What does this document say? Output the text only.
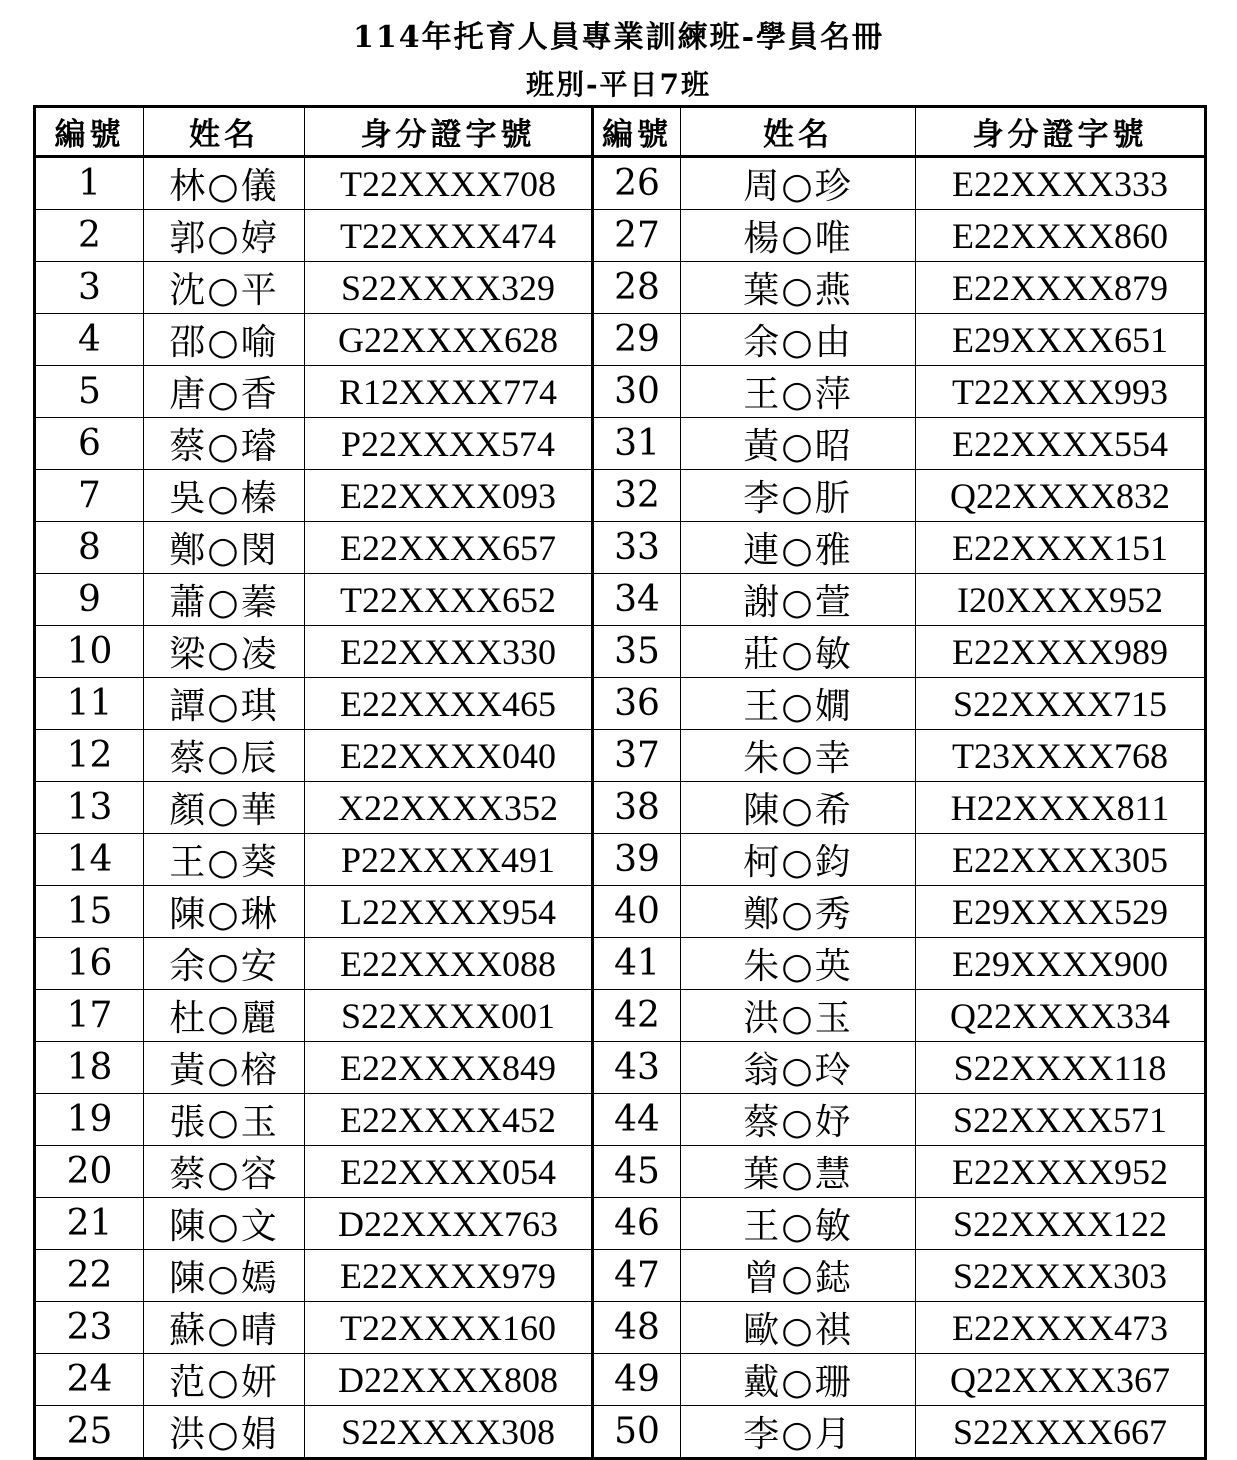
114年托育人員專業訓練班-學員名冊
班別-平日7班
編號	姓名	身分證字號	編號	姓名	身分證字號
1	林○儀	T22XXXX708	26	周○珍	E22XXXX333
2	郭○婷	T22XXXX474	27	楊○唯	E22XXXX860
3	沈○平	S22XXXX329	28	葉○燕	E22XXXX879
4	邵○喻	G22XXXX628	29	余○由	E29XXXX651
5	唐○香	R12XXXX774	30	王○萍	T22XXXX993
6	蔡○璿	P22XXXX574	31	黃○昭	E22XXXX554
7	吳○榛	E22XXXX093	32	李○肵	Q22XXXX832
8	鄭○閔	E22XXXX657	33	連○雅	E22XXXX151
9	蕭○蓁	T22XXXX652	34	謝○萱	I20XXXX952
10	梁○凌	E22XXXX330	35	莊○敏	E22XXXX989
11	譚○琪	E22XXXX465	36	王○嫺	S22XXXX715
12	蔡○辰	E22XXXX040	37	朱○幸	T23XXXX768
13	顏○華	X22XXXX352	38	陳○希	H22XXXX811
14	王○葵	P22XXXX491	39	柯○鈞	E22XXXX305
15	陳○琳	L22XXXX954	40	鄭○秀	E29XXXX529
16	余○安	E22XXXX088	41	朱○英	E29XXXX900
17	杜○麗	S22XXXX001	42	洪○玉	Q22XXXX334
18	黃○榕	E22XXXX849	43	翁○玲	S22XXXX118
19	張○玉	E22XXXX452	44	蔡○妤	S22XXXX571
20	蔡○容	E22XXXX054	45	葉○慧	E22XXXX952
21	陳○文	D22XXXX763	46	王○敏	S22XXXX122
22	陳○嫣	E22XXXX979	47	曾○鋕	S22XXXX303
23	蘇○晴	T22XXXX160	48	歐○祺	E22XXXX473
24	范○妍	D22XXXX808	49	戴○珊	Q22XXXX367
25	洪○娟	S22XXXX308	50	李○月	S22XXXX667
